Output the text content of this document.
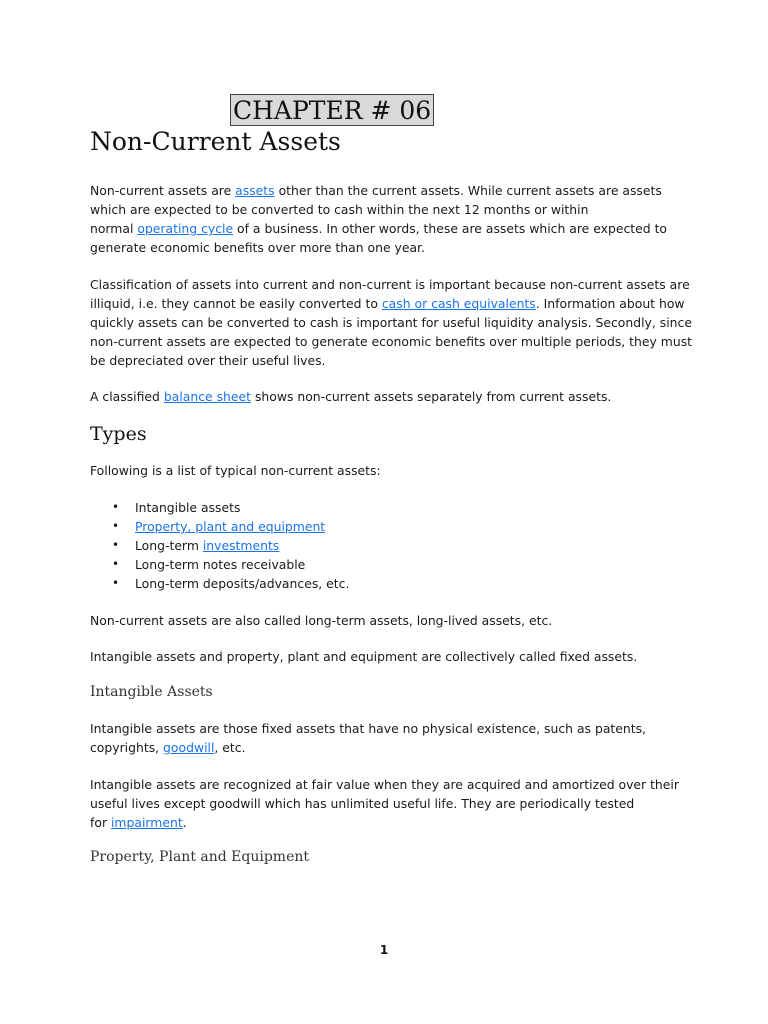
CHAPTER # 06
Non-Current Assets

Non-current assets are assets other than the current assets. While current assets are assets

which are expected to be converted to cash within the next 12 months or within

normal operating cycle of a business. In other words, these are assets which are expected to

generate economic benefits over more than one year.

Classification of assets into current and non-current is important because non-current assets are

illiquid, i.e. they cannot be easily converted to cash or cash equivalents. Information about how

quickly assets can be converted to cash is important for useful liquidity analysis. Secondly, since

non-current assets are expected to generate economic benefits over multiple periods, they must

be depreciated over their useful lives.

A classified balance sheet shows non-current assets separately from current assets.

Types

Following is a list of typical non-current assets:

• Intangible assets
• Property, plant and equipment
• Long-term investments
• Long-term notes receivable
• Long-term deposits/advances, etc.

Non-current assets are also called long-term assets, long-lived assets, etc.

Intangible assets and property, plant and equipment are collectively called fixed assets.

Intangible Assets

Intangible assets are those fixed assets that have no physical existence, such as patents,

copyrights, goodwill, etc.

Intangible assets are recognized at fair value when they are acquired and amortized over their

useful lives except goodwill which has unlimited useful life. They are periodically tested

for impairment.

Property, Plant and Equipment
1
